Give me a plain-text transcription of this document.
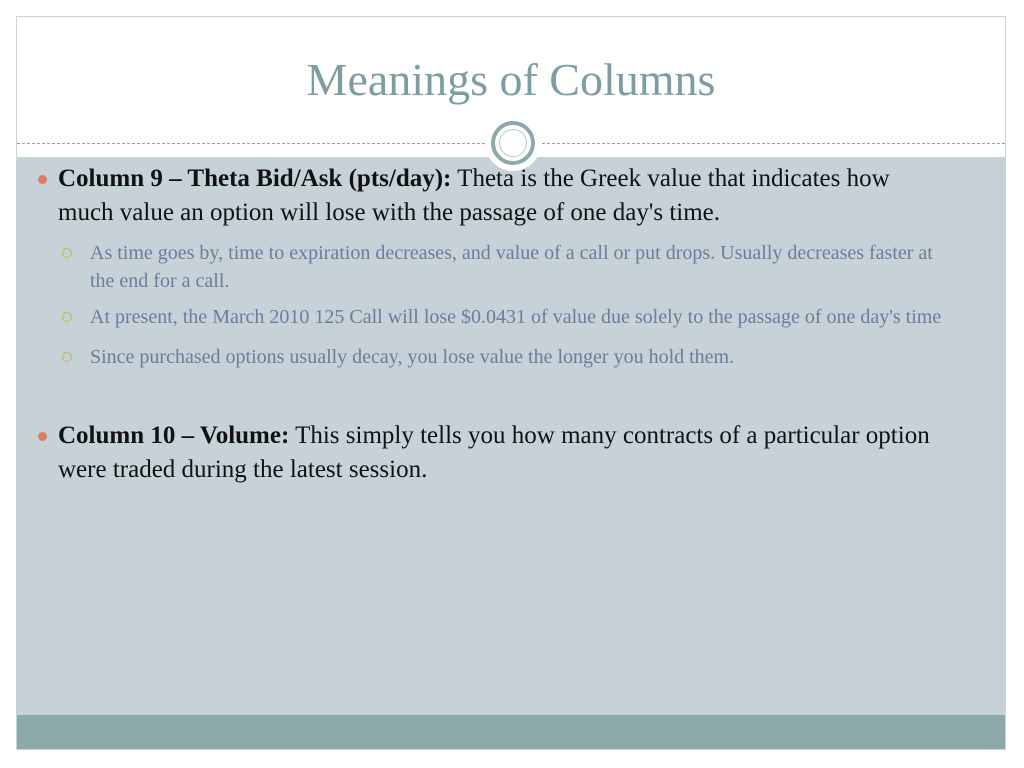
Meanings of Columns
Column 9 – Theta Bid/Ask (pts/day): Theta is the Greek value that indicates how much value an option will lose with the passage of one day's time.
As time goes by, time to expiration decreases, and value of a call or put drops. Usually decreases faster at the end for a call.
At present, the March 2010 125 Call will lose $0.0431 of value due solely to the passage of one day's time
Since purchased options usually decay, you lose value the longer you hold them.
Column 10 – Volume: This simply tells you how many contracts of a particular option were traded during the latest session.
